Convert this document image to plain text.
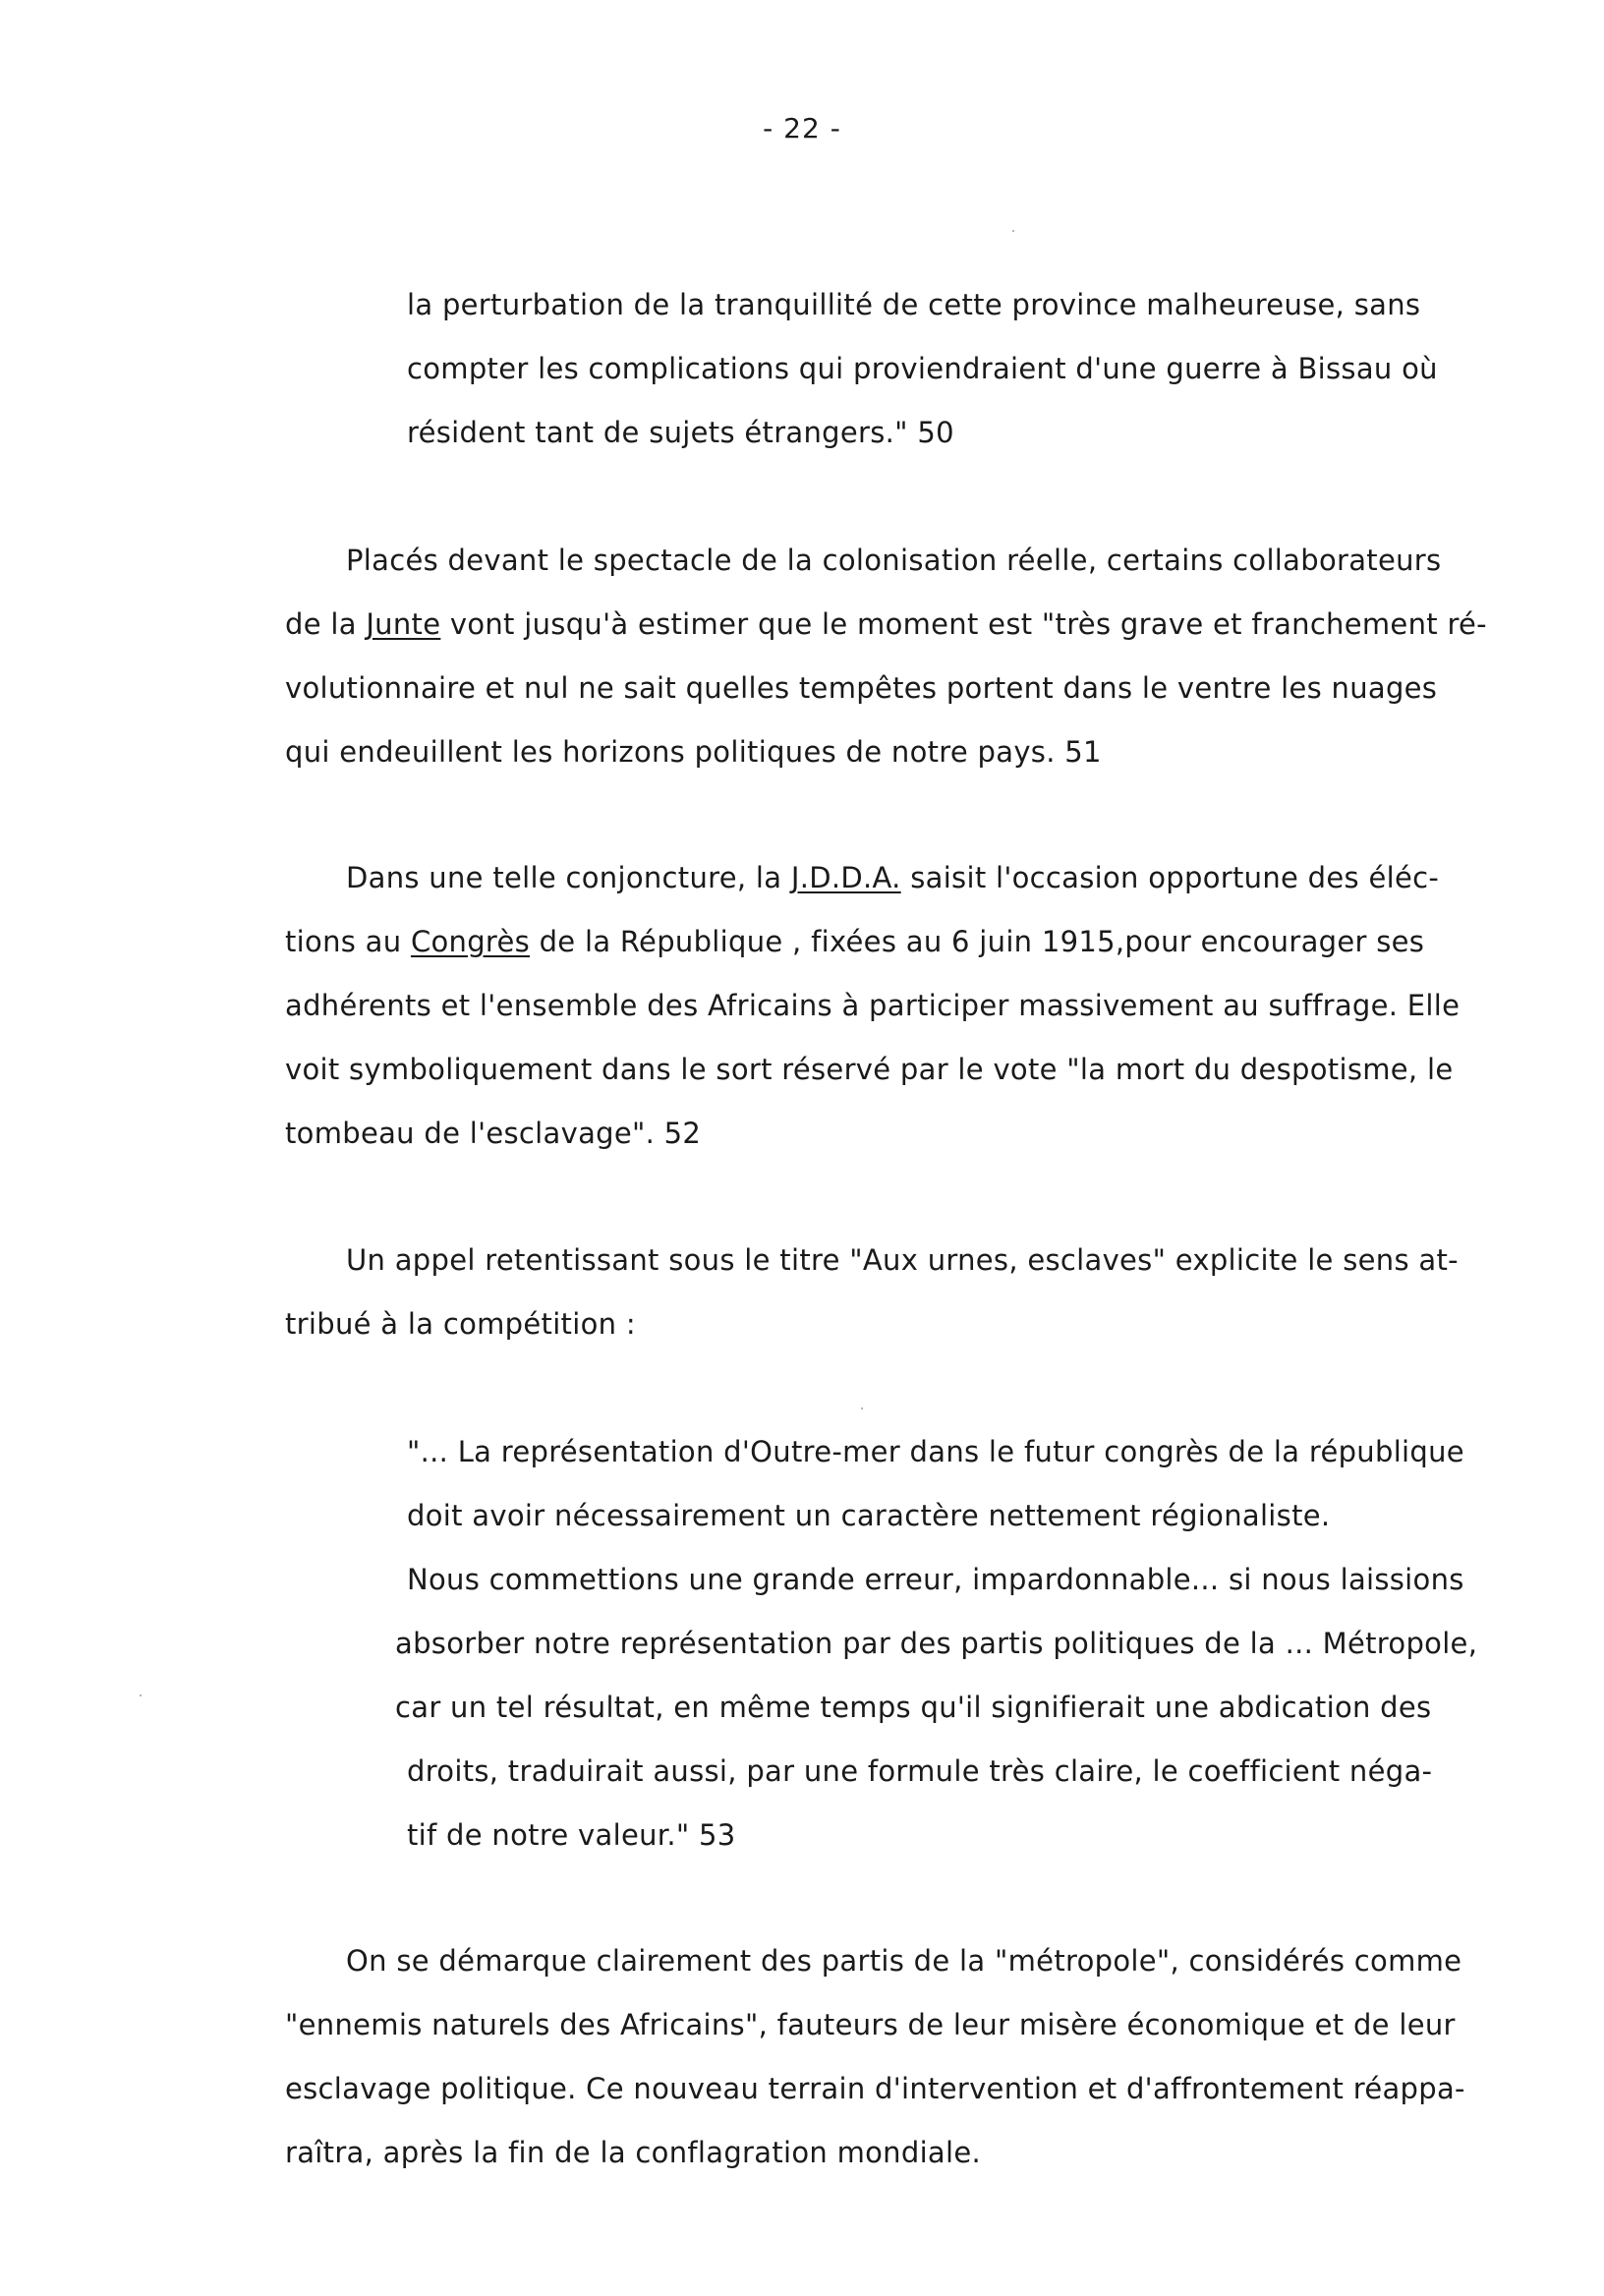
- 22 -
la perturbation de la tranquillité de cette province malheureuse, sans
compter les complications qui proviendraient d'une guerre à Bissau où
résident tant de sujets étrangers." 50
Placés devant le spectacle de la colonisation réelle, certains collaborateurs
de la Junte vont jusqu'à estimer que le moment est "très grave et franchement ré-
volutionnaire et nul ne sait quelles tempêtes portent dans le ventre les nuages
qui endeuillent les horizons politiques de notre pays. 51
Dans une telle conjoncture, la J.D.D.A. saisit l'occasion opportune des éléc-
tions au Congrès de la République , fixées au 6 juin 1915,pour encourager ses
adhérents et l'ensemble des Africains à participer massivement au suffrage. Elle
voit symboliquement dans le sort réservé par le vote "la mort du despotisme, le
tombeau de l'esclavage". 52
Un appel retentissant sous le titre "Aux urnes, esclaves" explicite le sens at-
tribué à la compétition :
"... La représentation d'Outre-mer dans le futur congrès de la république
doit avoir nécessairement un caractère nettement régionaliste.
Nous commettions une grande erreur, impardonnable... si nous laissions
absorber notre représentation par des partis politiques de la ... Métropole,
car un tel résultat, en même temps qu'il signifierait une abdication des
droits, traduirait aussi, par une formule très claire, le coefficient néga-
tif de notre valeur." 53
On se démarque clairement des partis de la "métropole", considérés comme
"ennemis naturels des Africains", fauteurs de leur misère économique et de leur
esclavage politique. Ce nouveau terrain d'intervention et d'affrontement réappa-
raîtra, après la fin de la conflagration mondiale.
